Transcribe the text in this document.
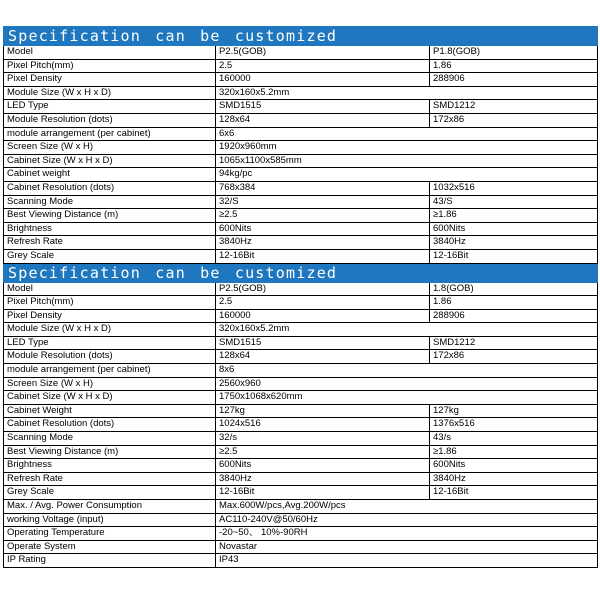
Specification can be customized		
Model	P2.5(GOB)	P1.8(GOB)
Pixel Pitch(mm)	2.5	1.86
Pixel Density	160000	288906
Module Size (W x H x D)	320x160x5.2mm	
LED Type	SMD1515	SMD1212
Module Resolution (dots)	128x64	172x86
module arrangement (per cabinet)	6x6	
Screen Size (W x H)	1920x960mm	
Cabinet Size (W x H x D)	1065x1100x585mm	
Cabinet weight	94kg/pc	
Cabinet Resolution (dots)	768x384	1032x516
Scanning Mode	32/S	43/S
Best Viewing Distance (m)	≥2.5	≥1.86
Brightness	600Nits	600Nits
Refresh Rate	3840Hz	3840Hz
Grey Scale	12-16Bit	12-16Bit
Specification can be customized		
Model	P2.5(GOB)	1.8(GOB)
Pixel Pitch(mm)	2.5	1.86
Pixel Density	160000	288906
Module Size (W x H x D)	320x160x5.2mm	
LED Type	SMD1515	SMD1212
Module Resolution (dots)	128x64	172x86
module arrangement (per cabinet)	8x6	
Screen Size (W x H)	2560x960	
Cabinet Size (W x H x D)	1750x1068x620mm	
Cabinet Weight	127kg	127kg
Cabinet Resolution (dots)	1024x516	1376x516
Scanning Mode	32/s	43/s
Best Viewing Distance (m)	≥2.5	≥1.86
Brightness	600Nits	600Nits
Refresh Rate	3840Hz	3840Hz
Grey Scale	12-16Bit	12-16Bit
Max. / Avg. Power Consumption	Max.600W/pcs,Avg.200W/pcs	
working Voltage (input)	AC110-240V@50/60Hz	
Operating Temperature	-20~50、 10%-90RH	
Operate System	Novastar	
IP Rating	IP43	
